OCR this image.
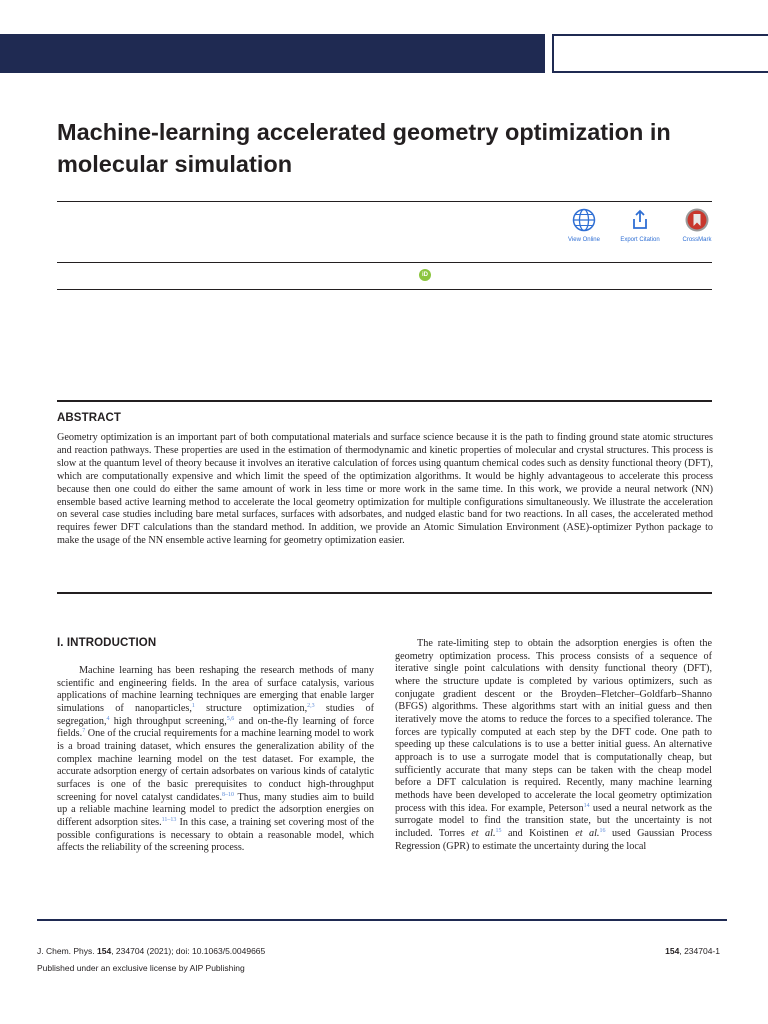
Machine-learning accelerated geometry optimization in molecular simulation
View Online	Export Citation	CrossMark
iD
ABSTRACT

Geometry optimization is an important part of both computational materials and surface science because it is the path to finding ground state atomic structures and reaction pathways. These properties are used in the estimation of thermodynamic and kinetic properties of molecular and crystal structures. This process is slow at the quantum level of theory because it involves an iterative calculation of forces using quantum chemical codes such as density functional theory (DFT), which are computationally expensive and which limit the speed of the optimization algorithms. It would be highly advantageous to accelerate this process because then one could do either the same amount of work in less time or more work in the same time. In this work, we provide a neural network (NN) ensemble based active learning method to accelerate the local geometry optimization for multiple configurations simultaneously. We illustrate the acceleration on several case studies including bare metal surfaces, surfaces with adsorbates, and nudged elastic band for two reactions. In all cases, the accelerated method requires fewer DFT calculations than the standard method. In addition, we provide an Atomic Simulation Environment (ASE)-optimizer Python package to make the usage of the NN ensemble active learning for geometry optimization easier.

I. INTRODUCTION

Machine learning has been reshaping the research methods of many scientific and engineering fields. In the area of surface catalysis, various applications of machine learning techniques are emerging that enable larger simulations of nanoparticles,$^1$ structure optimization,$^{2,3}$ studies of segregation,$^4$ high throughput screening,$^{5,6}$ and on-the-fly learning of force fields.$^7$ One of the crucial requirements for a machine learning model to work is a broad training dataset, which ensures the generalization ability of the complex machine learning model on the test dataset. For example, the accurate adsorption energy of certain adsorbates on various kinds of catalytic surfaces is one of the basic prerequisites to conduct high-throughput screening for novel catalyst candidates.$^{8-10}$ Thus, many studies aim to build up a reliable machine learning model to predict the adsorption energies on different adsorption sites.$^{11-13}$ In this case, a training set covering most of the possible configurations is necessary to obtain a reasonable model, which affects the reliability of the screening process.

The rate-limiting step to obtain the adsorption energies is often the geometry optimization process. This process consists of a sequence of iterative single point calculations with density functional theory (DFT), where the structure update is completed by various optimizers, such as conjugate gradient descent or the Broyden–Fletcher–Goldfarb–Shanno (BFGS) algorithms. These algorithms start with an initial guess and then iteratively move the atoms to reduce the forces to a specified tolerance. The forces are typically computed at each step by the DFT code. One path to speeding up these calculations is to use a better initial guess. An alternative approach is to use a surrogate model that is computationally cheap, but sufficiently accurate that many steps can be taken with the cheap model before a DFT calculation is required. Recently, many machine learning methods have been developed to accelerate the local geometry optimization process with this idea. For example, Peterson$^{14}$ used a neural network as the surrogate model to find the transition state, but the uncertainty is not included. Torres et al.$^{15}$ and Koistinen et al.$^{16}$ used Gaussian Process Regression (GPR) to estimate the uncertainty during the local

J. Chem. Phys. 154, 234704 (2021); doi: 10.1063/5.0049665
Published under an exclusive license by AIP Publishing
154, 234704-1
